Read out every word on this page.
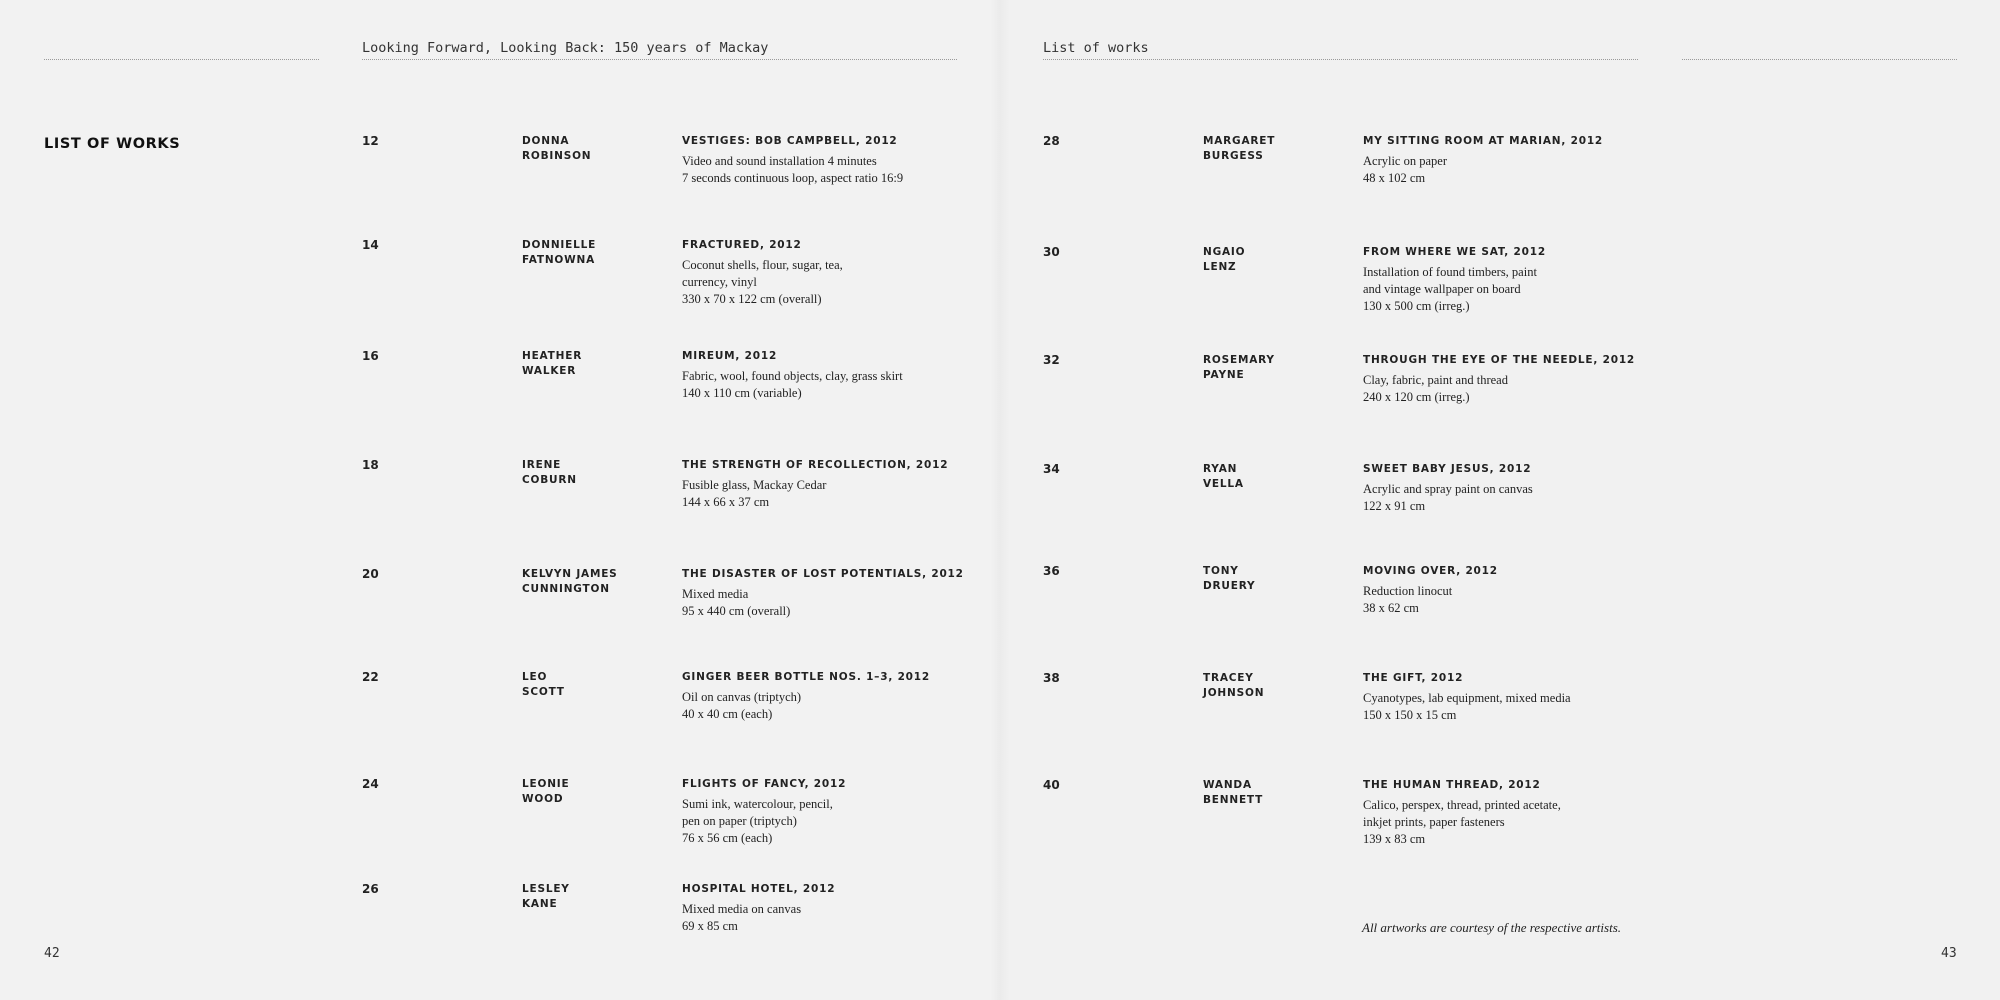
Looking Forward, Looking Back: 150 years of Mackay	List of works
LIST OF WORKS	12	DONNA
ROBINSON
VESTIGES: BOB CAMPBELL, 2012
Video and sound installation 4 minutes
7 seconds continuous loop, aspect ratio 16:9
14	DONNIELLE
FATNOWNA
FRACTURED, 2012
Coconut shells, flour, sugar, tea,
currency, vinyl
330 x 70 x 122 cm (overall)
16	HEATHER
WALKER
MIREUM, 2012
Fabric, wool, found objects, clay, grass skirt
140 x 110 cm (variable)
18	IRENE
COBURN
THE STRENGTH OF RECOLLECTION, 2012
Fusible glass, Mackay Cedar
144 x 66 x 37 cm
20	KELVYN JAMES
CUNNINGTON
THE DISASTER OF LOST POTENTIALS, 2012
Mixed media
95 x 440 cm (overall)
22	LEO
SCOTT
GINGER BEER BOTTLE NOS. 1–3, 2012
Oil on canvas (triptych)
40 x 40 cm (each)
24	LEONIE
WOOD
FLIGHTS OF FANCY, 2012
Sumi ink, watercolour, pencil,
pen on paper (triptych)
76 x 56 cm (each)
26	LESLEY
KANE
HOSPITAL HOTEL, 2012
Mixed media on canvas
69 x 85 cm
28	MARGARET
BURGESS
MY SITTING ROOM AT MARIAN, 2012
Acrylic on paper
48 x 102 cm
30	NGAIO
LENZ
FROM WHERE WE SAT, 2012
Installation of found timbers, paint
and vintage wallpaper on board
130 x 500 cm (irreg.)
32	ROSEMARY
PAYNE
THROUGH THE EYE OF THE NEEDLE, 2012
Clay, fabric, paint and thread
240 x 120 cm (irreg.)
34	RYAN
VELLA
SWEET BABY JESUS, 2012
Acrylic and spray paint on canvas
122 x 91 cm
36	TONY
DRUERY
MOVING OVER, 2012
Reduction linocut
38 x 62 cm
38	TRACEY
JOHNSON
THE GIFT, 2012
Cyanotypes, lab equipment, mixed media
150 x 150 x 15 cm
40	WANDA
BENNETT
THE HUMAN THREAD, 2012
Calico, perspex, thread, printed acetate,
inkjet prints, paper fasteners
139 x 83 cm
All artworks are courtesy of the respective artists.
42	43
